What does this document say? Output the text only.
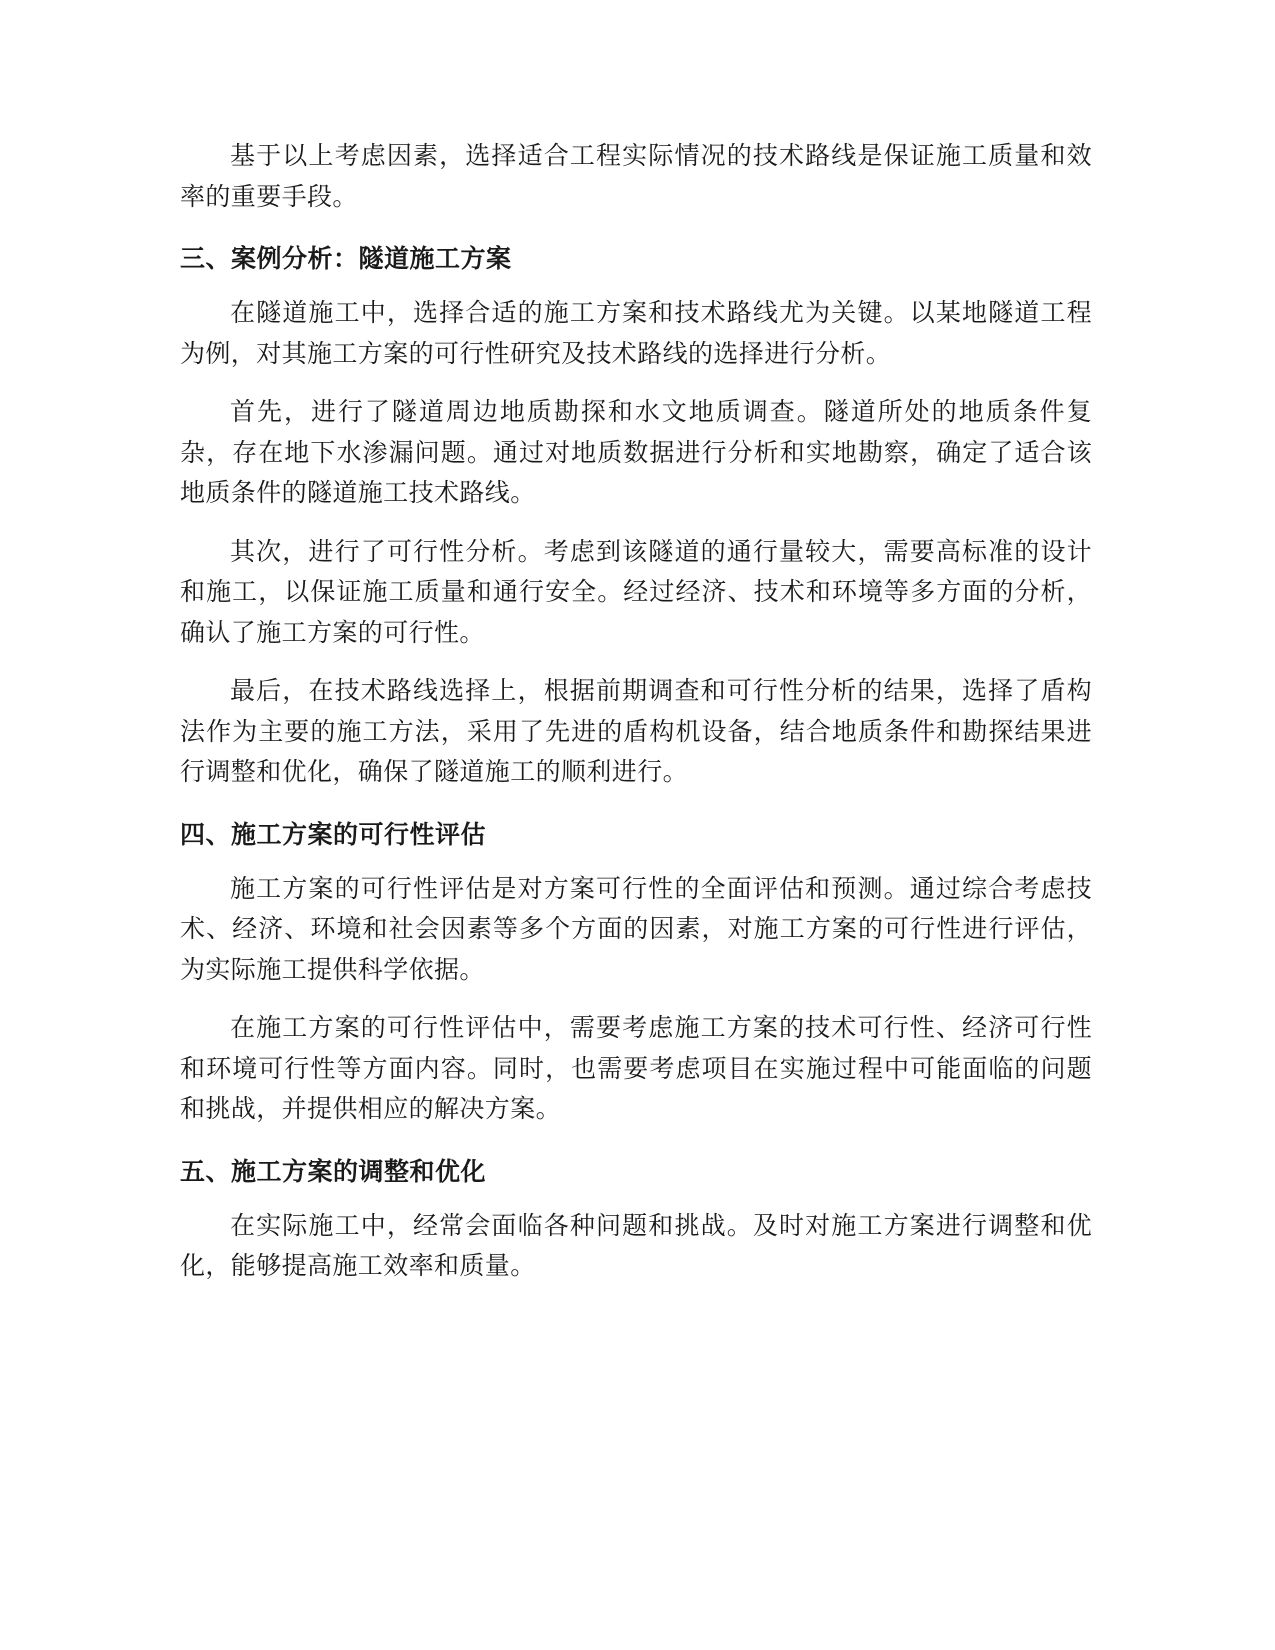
基于以上考虑因素，选择适合工程实际情况的技术路线是保证施工质量和效率的重要手段。

三、案例分析：隧道施工方案

在隧道施工中，选择合适的施工方案和技术路线尤为关键。以某地隧道工程为例，对其施工方案的可行性研究及技术路线的选择进行分析。

首先，进行了隧道周边地质勘探和水文地质调查。隧道所处的地质条件复杂，存在地下水渗漏问题。通过对地质数据进行分析和实地勘察，确定了适合该地质条件的隧道施工技术路线。

其次，进行了可行性分析。考虑到该隧道的通行量较大，需要高标准的设计和施工，以保证施工质量和通行安全。经过经济、技术和环境等多方面的分析，确认了施工方案的可行性。

最后，在技术路线选择上，根据前期调查和可行性分析的结果，选择了盾构法作为主要的施工方法，采用了先进的盾构机设备，结合地质条件和勘探结果进行调整和优化，确保了隧道施工的顺利进行。

四、施工方案的可行性评估

施工方案的可行性评估是对方案可行性的全面评估和预测。通过综合考虑技术、经济、环境和社会因素等多个方面的因素，对施工方案的可行性进行评估，为实际施工提供科学依据。

在施工方案的可行性评估中，需要考虑施工方案的技术可行性、经济可行性和环境可行性等方面内容。同时，也需要考虑项目在实施过程中可能面临的问题和挑战，并提供相应的解决方案。

五、施工方案的调整和优化

在实际施工中，经常会面临各种问题和挑战。及时对施工方案进行调整和优化，能够提高施工效率和质量。
